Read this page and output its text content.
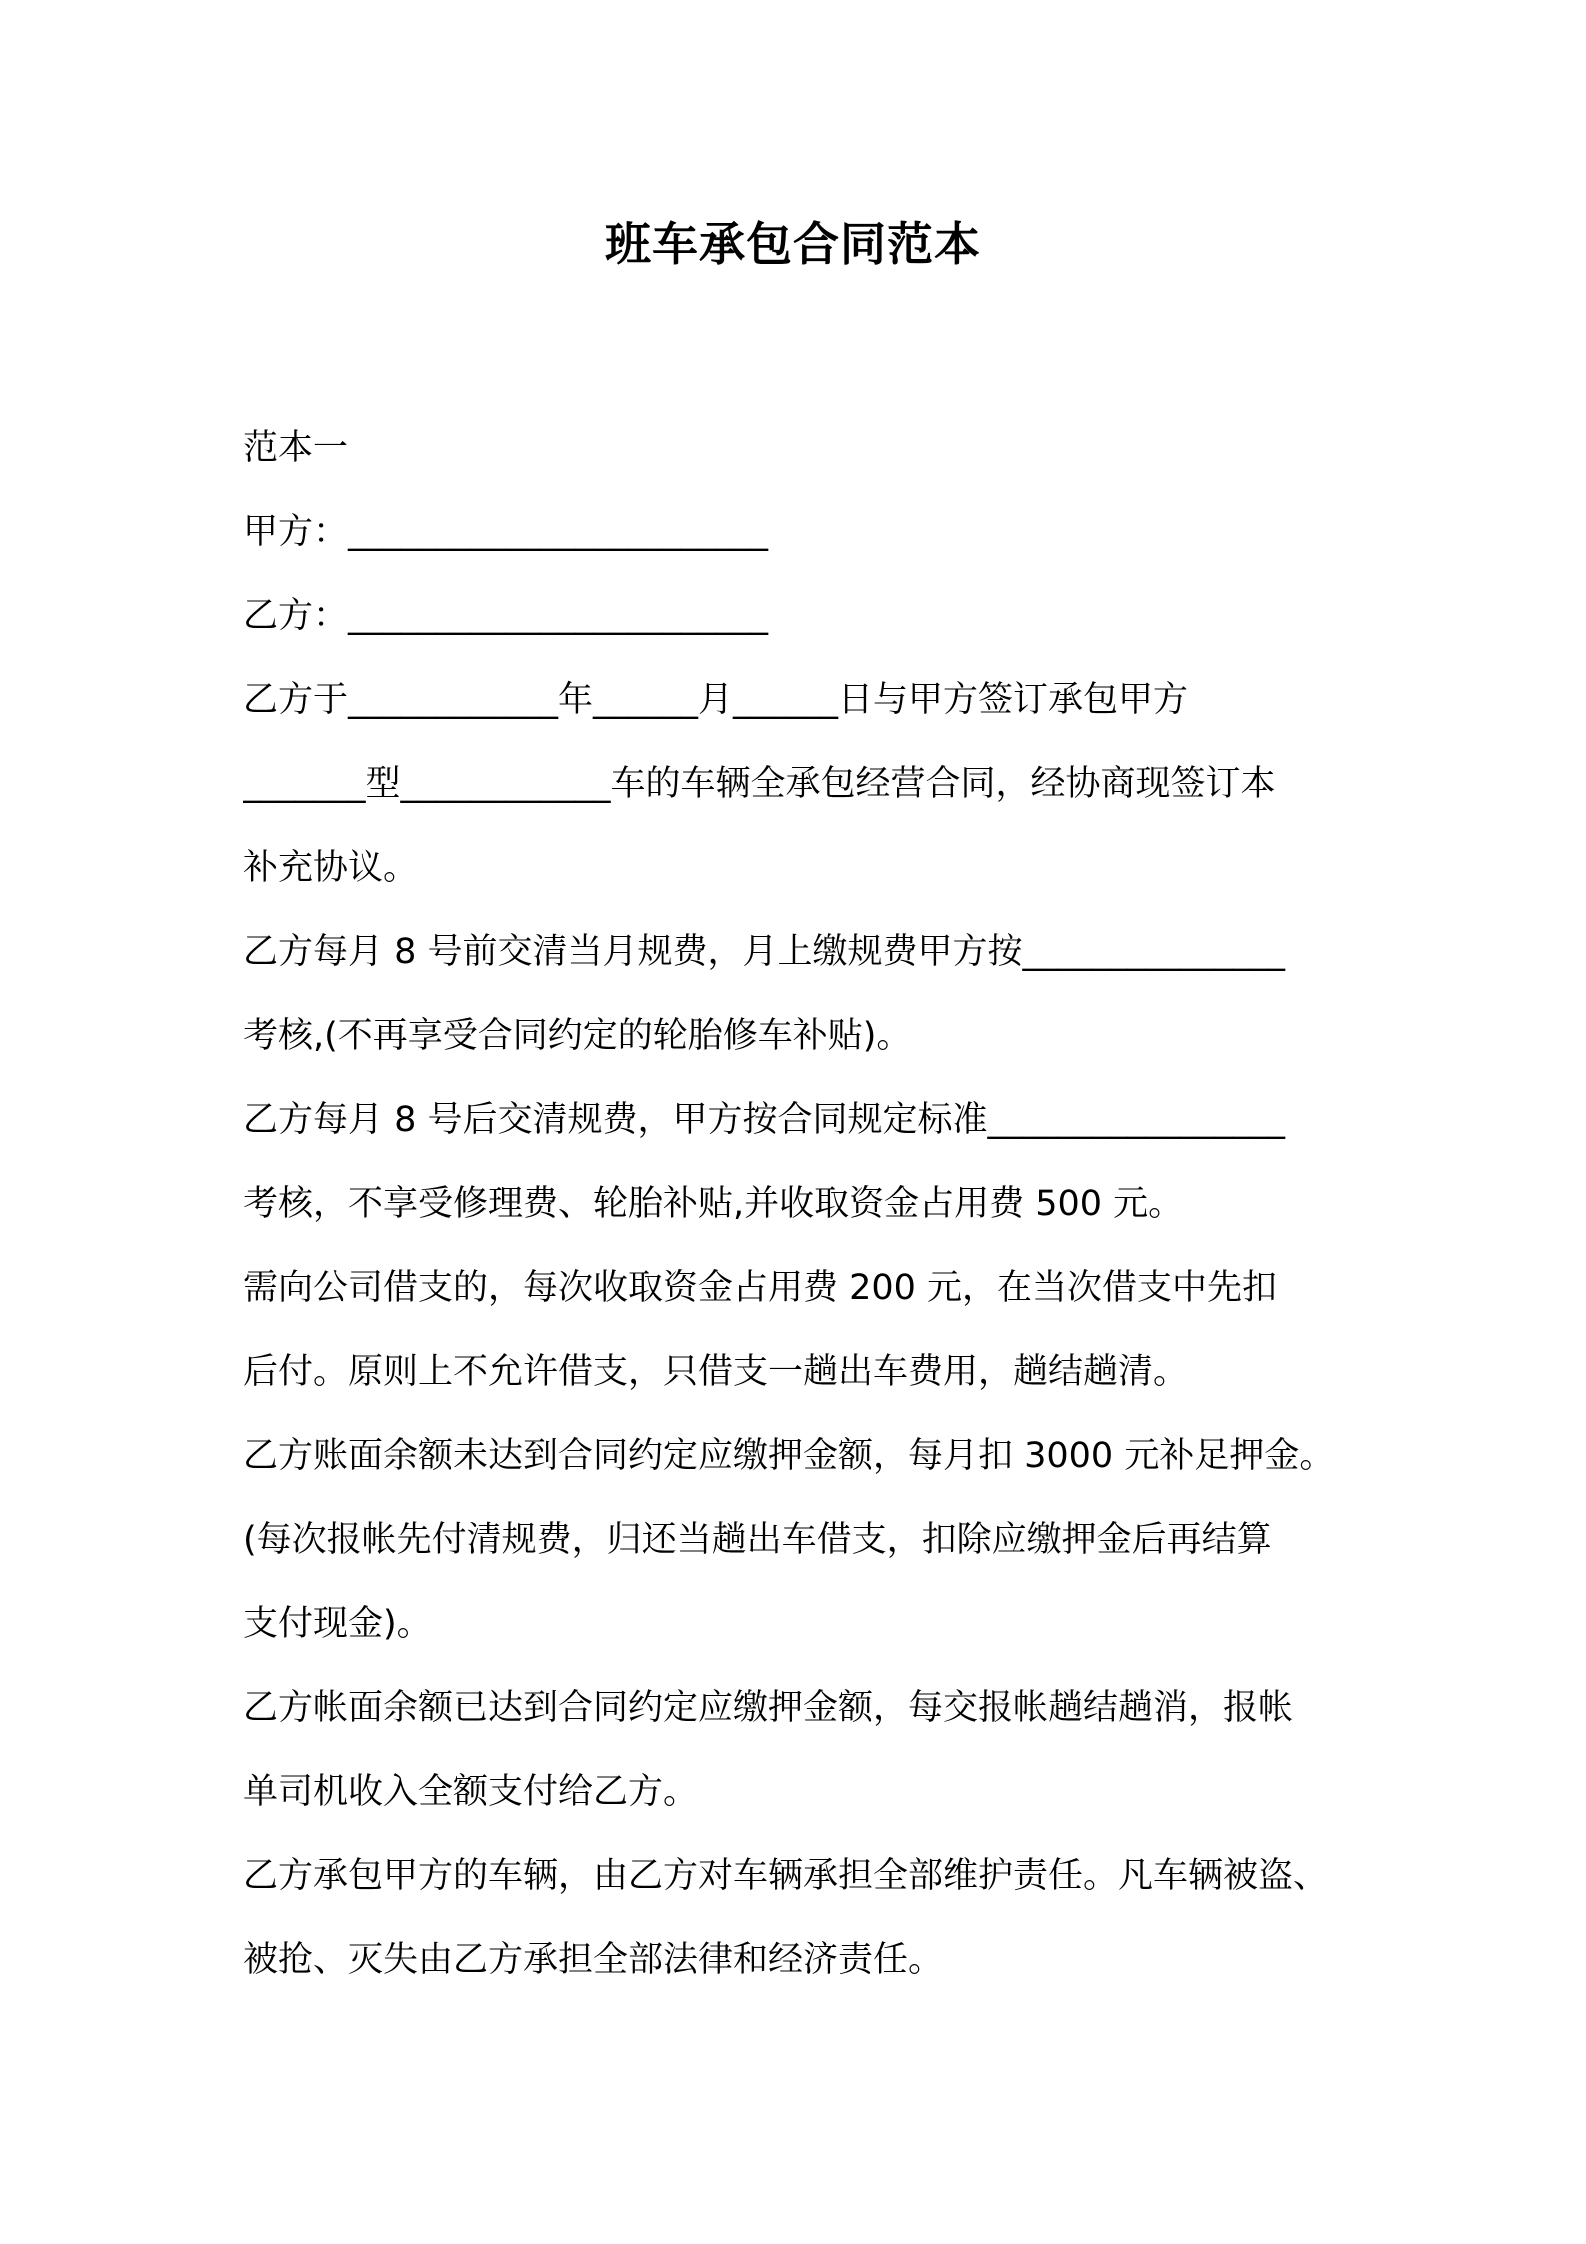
班车承包合同范本
范本一
甲方：________________________
乙方：________________________
乙方于____________年______月______日与甲方签订承包甲方
_______型____________车的车辆全承包经营合同，经协商现签订本
补充协议。
乙方每月 8 号前交清当月规费，月上缴规费甲方按_______________
考核,(不再享受合同约定的轮胎修车补贴)。
乙方每月 8 号后交清规费，甲方按合同规定标准_________________
考核，不享受修理费、轮胎补贴,并收取资金占用费 500 元。
需向公司借支的，每次收取资金占用费 200 元，在当次借支中先扣
后付。原则上不允许借支，只借支一趟出车费用，趟结趟清。
乙方账面余额未达到合同约定应缴押金额，每月扣 3000 元补足押金。
(每次报帐先付清规费，归还当趟出车借支，扣除应缴押金后再结算
支付现金)。
乙方帐面余额已达到合同约定应缴押金额，每交报帐趟结趟消，报帐
单司机收入全额支付给乙方。
乙方承包甲方的车辆，由乙方对车辆承担全部维护责任。凡车辆被盗、
被抢、灭失由乙方承担全部法律和经济责任。
